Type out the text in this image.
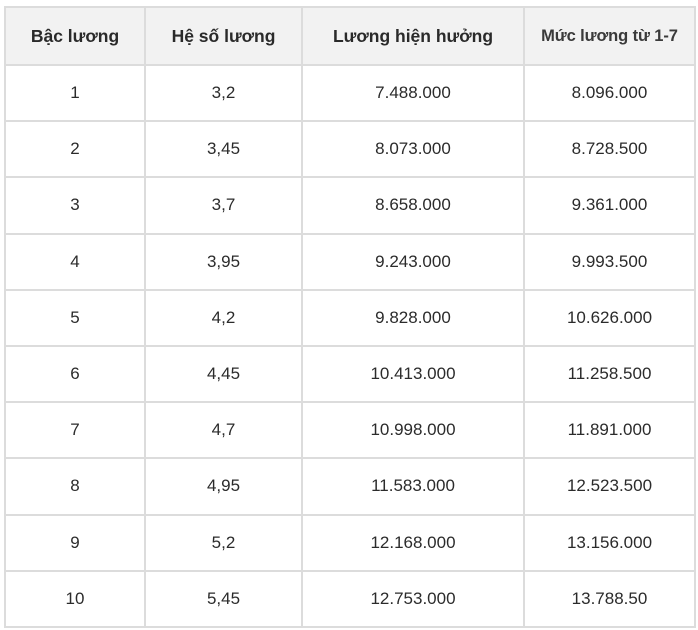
Bậc lương	Hệ số lương	Lương hiện hưởng	Mức lương từ 1-7
1	3,2	7.488.000	8.096.000
2	3,45	8.073.000	8.728.500
3	3,7	8.658.000	9.361.000
4	3,95	9.243.000	9.993.500
5	4,2	9.828.000	10.626.000
6	4,45	10.413.000	11.258.500
7	4,7	10.998.000	11.891.000
8	4,95	11.583.000	12.523.500
9	5,2	12.168.000	13.156.000
10	5,45	12.753.000	13.788.50
